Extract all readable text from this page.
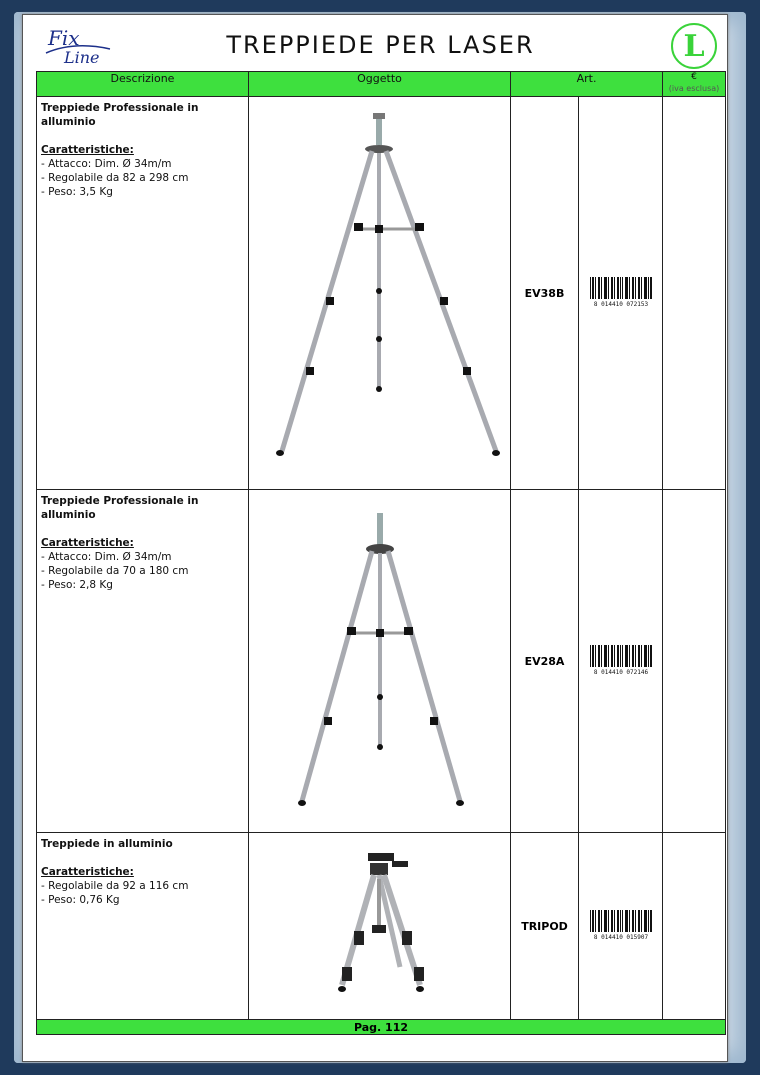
Fix
Line	TREPPIEDE PER LASER	L
Descrizione	Oggetto	Art.		€
(iva esclusa)

Treppiede Professionale in alluminio
Caratteristiche:
- Attacco: Dim. Ø 34m/m
- Regolabile da 82 a 298 cm
- Peso: 3,5 Kg		EV38B	8 014410 072153	

Treppiede Professionale in alluminio
Caratteristiche:
- Attacco: Dim. Ø 34m/m
- Regolabile da 70 a 180 cm
- Peso: 2,8 Kg		EV28A	8 014410 072146	

Treppiede in alluminio
Caratteristiche:
- Regolabile da 92 a 116 cm
- Peso: 0,76 Kg		TRIPOD	8 014410 015907	

Pag. 112				
